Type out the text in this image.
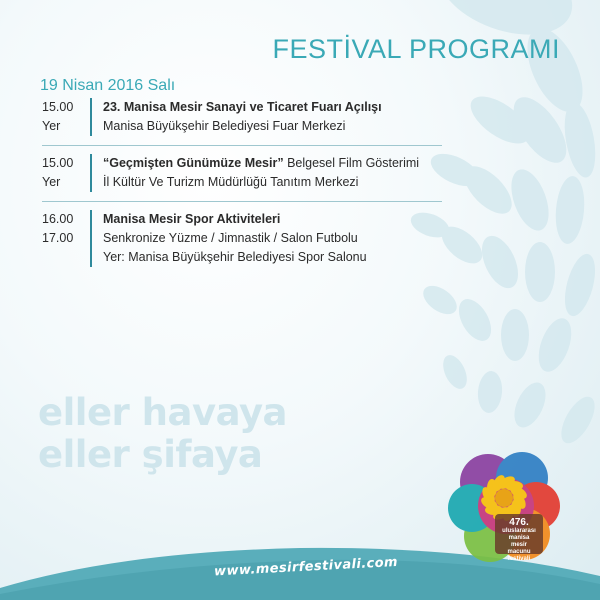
FESTİVAL PROGRAMI
19 Nisan 2016 Salı
15.00
Yer
23. Manisa Mesir Sanayi ve Ticaret Fuarı Açılışı
Manisa Büyükşehir Belediyesi Fuar Merkezi
15.00
Yer
“Geçmişten Günümüze Mesir” Belgesel Film Gösterimi
İl Kültür Ve Turizm Müdürlüğü Tanıtım Merkezi
16.00
17.00
Manisa Mesir Spor Aktiviteleri
Senkronize Yüzme / Jimnastik / Salon Futbolu
Yer: Manisa Büyükşehir Belediyesi Spor Salonu
eller havaya
eller şifaya
www.mesirfestivali.com
476.
uluslararası
manisa
mesir
macunu
festivali
